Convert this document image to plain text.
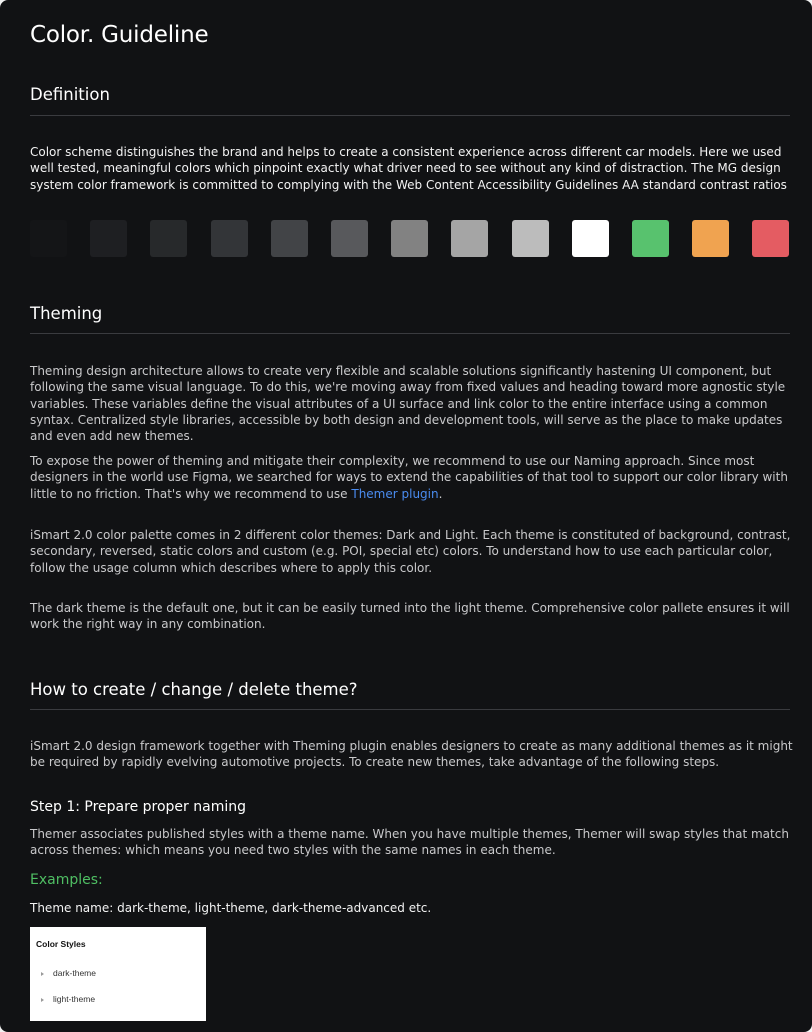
Color. Guideline
Definition

Color scheme distinguishes the brand and helps to create a consistent experience across different car models. Here we used well tested, meaningful colors which pinpoint exactly what driver need to see without any kind of distraction. The MG design system color framework is committed to complying with the Web Content Accessibility Guidelines AA standard contrast ratios

Theming

Theming design architecture allows to create very flexible and scalable solutions significantly hastening UI component, but following the same visual language. To do this, we're moving away from fixed values and heading toward more agnostic style variables. These variables define the visual attributes of a UI surface and link color to the entire interface using a common syntax. Centralized style libraries, accessible by both design and development tools, will serve as the place to make updates and even add new themes.

To expose the power of theming and mitigate their complexity, we recommend to use our Naming approach. Since most designers in the world use Figma, we searched for ways to extend the capabilities of that tool to support our color library with little to no friction. That's why we recommend to use Themer plugin.

iSmart 2.0 color palette comes in 2 different color themes: Dark and Light. Each theme is constituted of background, contrast, secondary, reversed, static colors and custom (e.g. POI, special etc) colors. To understand how to use each particular color, follow the usage column which describes where to apply this color.

The dark theme is the default one, but it can be easily turned into the light theme. Comprehensive color pallete ensures it will work the right way in any combination.

How to create / change / delete theme?

iSmart 2.0 design framework together with Theming plugin enables designers to create as many additional themes as it might be required by rapidly evelving automotive projects. To create new themes, take advantage of the following steps.

Step 1: Prepare proper naming

Themer associates published styles with a theme name. When you have multiple themes, Themer will swap styles that match across themes: which means you need two styles with the same names in each theme.

Examples:

Theme name: dark-theme, light-theme, dark-theme-advanced etc.

Color Styles
dark-theme
light-theme
